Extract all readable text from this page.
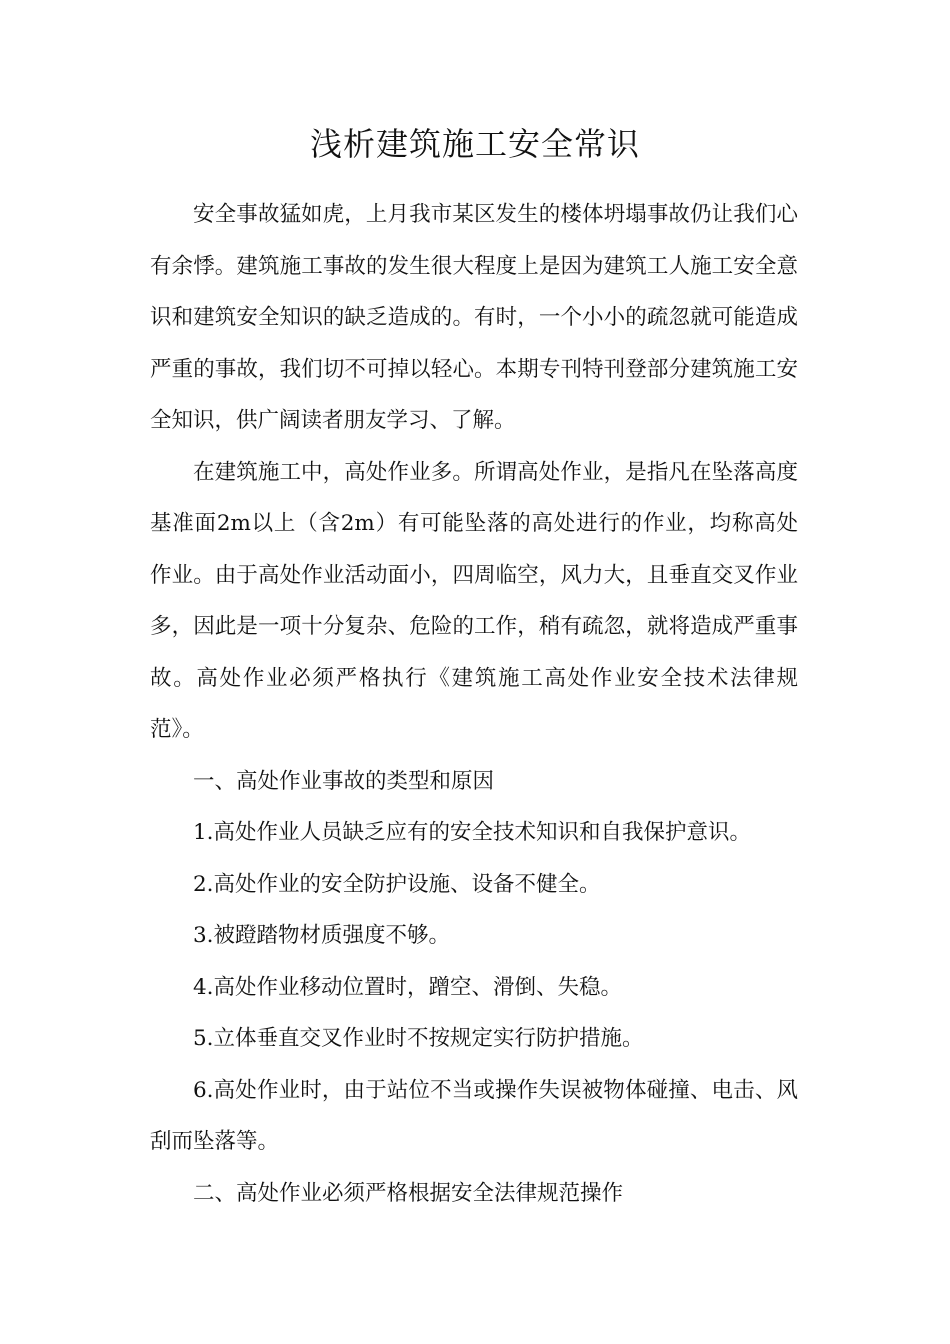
浅析建筑施工安全常识

安全事故猛如虎，上月我市某区发生的楼体坍塌事故仍让我们心有余悸。建筑施工事故的发生很大程度上是因为建筑工人施工安全意识和建筑安全知识的缺乏造成的。有时，一个小小的疏忽就可能造成严重的事故，我们切不可掉以轻心。本期专刊特刊登部分建筑施工安全知识，供广阔读者朋友学习、了解。

在建筑施工中，高处作业多。所谓高处作业，是指凡在坠落高度基准面2m以上（含2m）有可能坠落的高处进行的作业，均称高处作业。由于高处作业活动面小，四周临空，风力大，且垂直交叉作业多，因此是一项十分复杂、危险的工作，稍有疏忽，就将造成严重事故。高处作业必须严格执行《建筑施工高处作业安全技术法律规范》。

一、高处作业事故的类型和原因

1.高处作业人员缺乏应有的安全技术知识和自我保护意识。

2.高处作业的安全防护设施、设备不健全。

3.被蹬踏物材质强度不够。

4.高处作业移动位置时，蹭空、滑倒、失稳。

5.立体垂直交叉作业时不按规定实行防护措施。

6.高处作业时，由于站位不当或操作失误被物体碰撞、电击、风刮而坠落等。

二、高处作业必须严格根据安全法律规范操作
